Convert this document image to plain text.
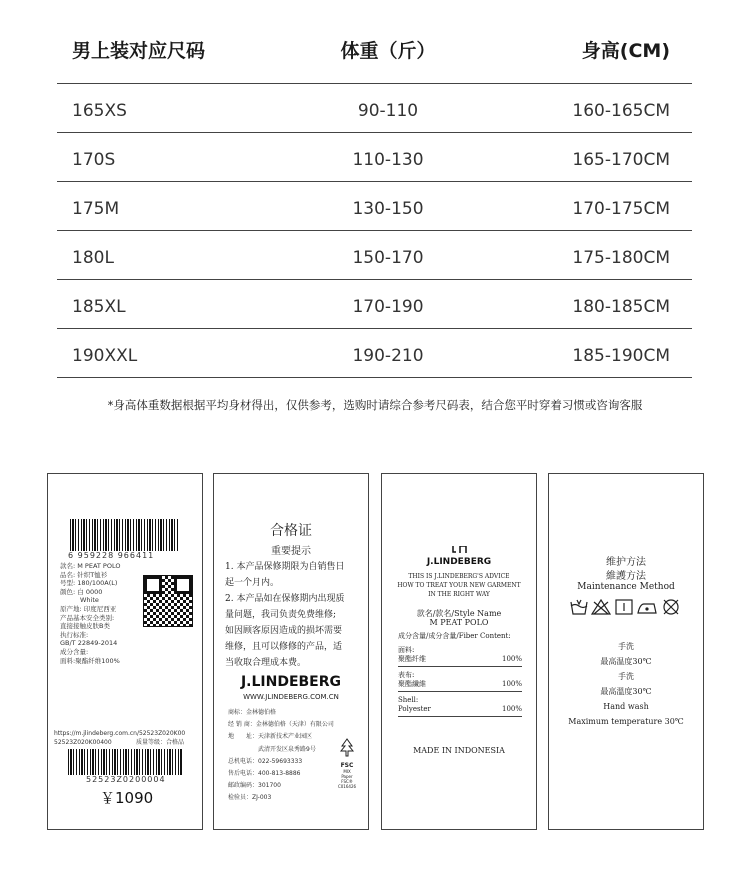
男上装对应尺码	体重（斤）	身高(CM)
165XS	90-110	160-165CM
170S	110-130	165-170CM
175M	130-150	170-175CM
180L	150-170	175-180CM
185XL	170-190	180-185CM
190XXL	190-210	185-190CM
*身高体重数据根据平均身材得出，仅供参考，选购时请综合参考尺码表，结合您平时穿着习惯或咨询客服
6 959228 966411
款名: M PEAT POLO
品名: 针织T恤衫
号型: 180/100A(L)
颜色: 白 0000
White
原产地: 印度尼西亚
产品基本安全类别:
直接接触皮肤B类
执行标准:
GB/T 22849-2014
成分含量:
面料:聚酯纤维100%
https://m.jlindeberg.com.cn/52523Z020K00
52523Z020K00400	质量等级：合格品
52523Z0200004
￥1090
合格证
重要提示
1. 本产品保修期限为自销售日
起一个月内。
2. 本产品如在保修期内出现质
量问题，我司负责免费维修;
如因顾客原因造成的损坏需要
维修，且可以修修的产品，适
当收取合理成本费。
J.LINDEBERG
WWW.JLINDEBERG.COM.CN
商标：金林德伯格
经 销 商：金林德伯格（天津）有限公司
地　　址：天津新技术产业园区
　　　　　武清开发区泉秀路9号
总机电话：022-59693333
售后电话：400-813-8886
邮政编码：301700
检验员：ZJ-003
FSC
MIX
Paper
FSC® C016426
J.LINDEBERG
THIS IS J.LINDEBERG'S ADVICE
HOW TO TREAT YOUR NEW GARMENT
IN THE RIGHT WAY
款名/款名/Style Name
M PEAT POLO
成分含量/成分含量/Fiber Content:
面料:
聚酯纤维	100%
表布:
聚酯纖維	100%
Shell:
Polyester	100%
MADE IN INDONESIA
维护方法
維護方法
Maintenance Method
手洗
最高温度30℃
手洗
最高溫度30℃
Hand wash
Maximum temperature 30℃
